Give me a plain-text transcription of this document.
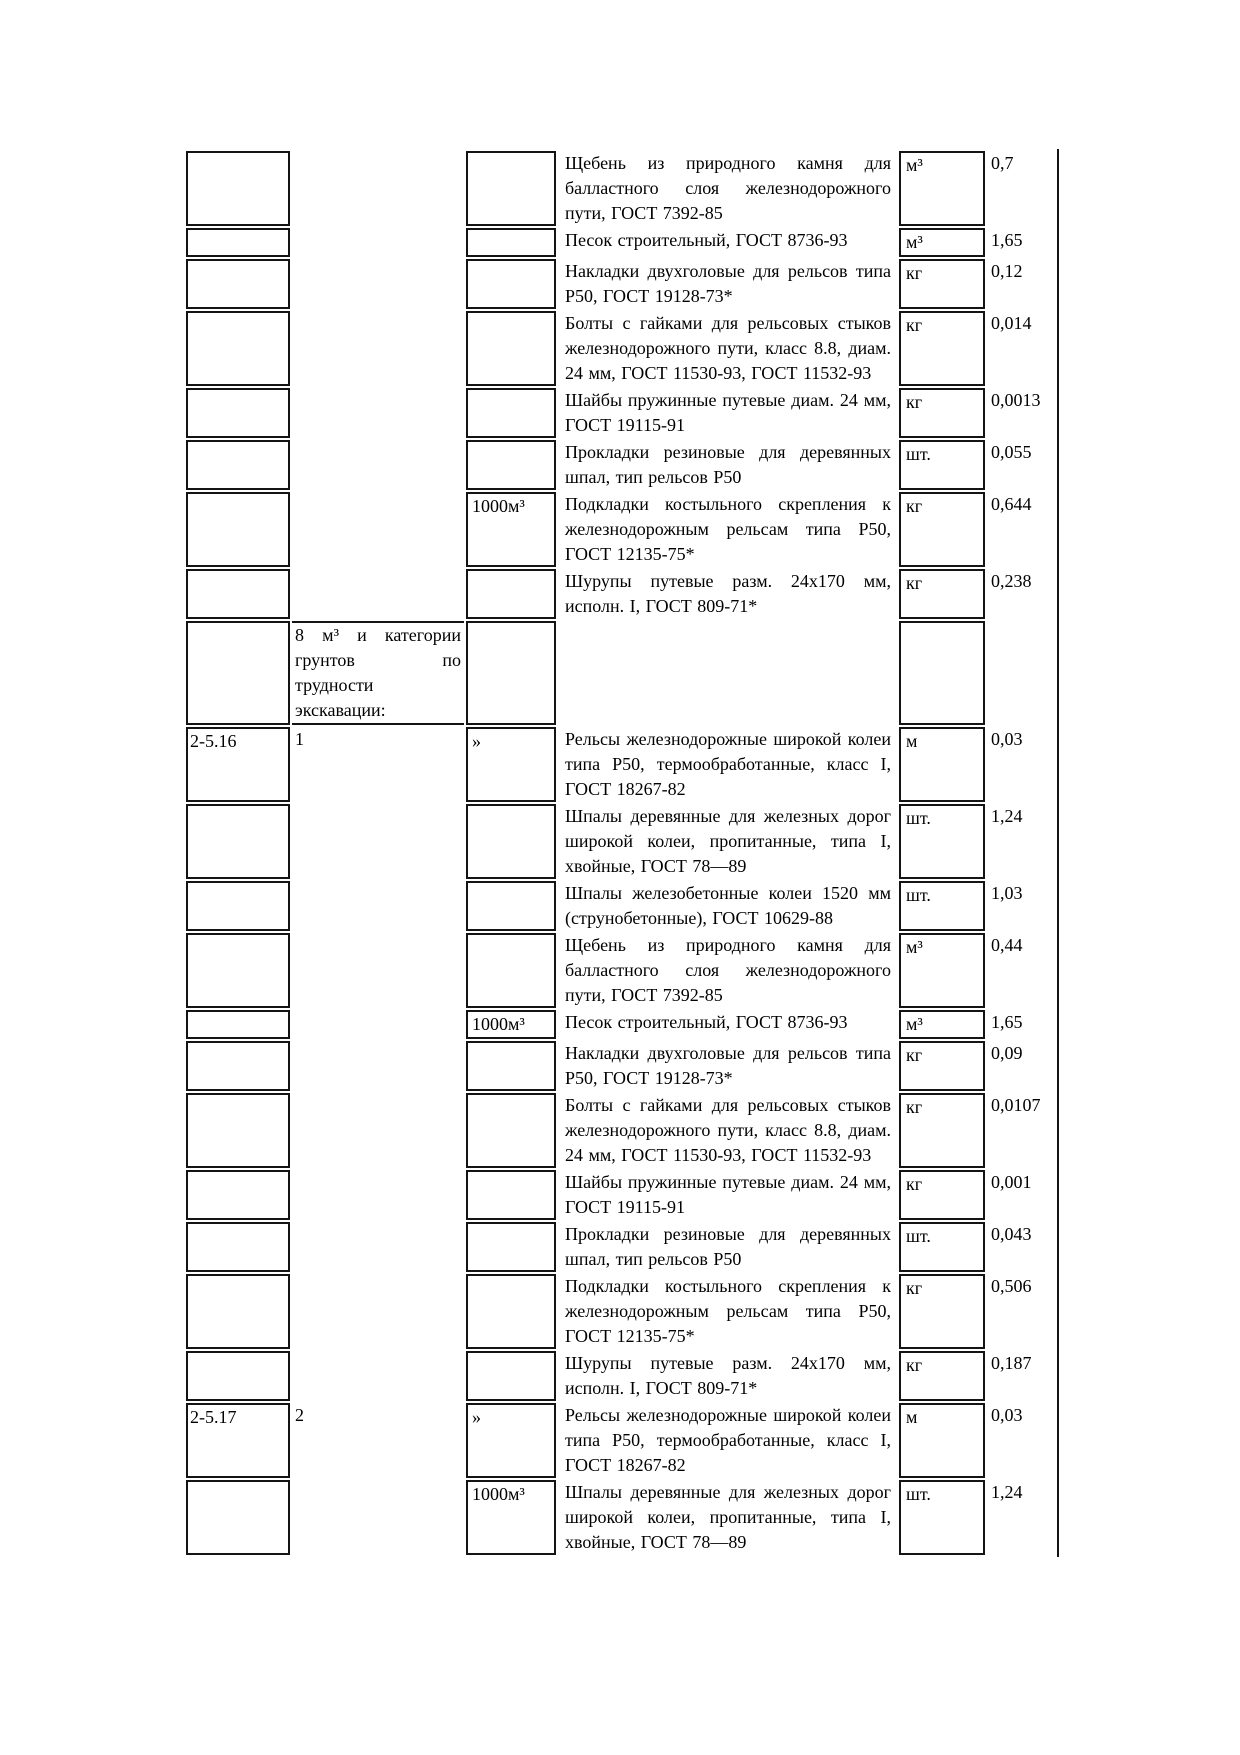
			Щебень из природного камня для балластного слоя железнодорожного пути, ГОСТ 7392-85	м³	0,7
			Песок строительный, ГОСТ 8736-93	м³	1,65
			Накладки двухголовые для рельсов типа Р50, ГОСТ 19128-73*	кг	0,12
			Болты с гайками для рельсовых стыков железнодорожного пути, класс 8.8, диам. 24 мм, ГОСТ 11530-93, ГОСТ 11532-93	кг	0,014
			Шайбы пружинные путевые диам. 24 мм, ГОСТ 19115-91	кг	0,0013
			Прокладки резиновые для деревянных шпал, тип рельсов Р50	шт.	0,055
		1000м³	Подкладки костыльного скрепления к железнодорожным рельсам типа Р50, ГОСТ 12135-75*	кг	0,644
			Шурупы путевые разм. 24х170 мм, исполн. I, ГОСТ 809-71*	кг	0,238
	8 м³ и категории грунтов по трудности экскавации:				
2-5.16	1	»	Рельсы железнодорожные широкой колеи типа Р50, термообработанные, класс I, ГОСТ 18267-82	м	0,03
			Шпалы деревянные для железных дорог широкой колеи, пропитанные, типа I, хвойные, ГОСТ 78—89	шт.	1,24
			Шпалы железобетонные колеи 1520 мм (струнобетонные), ГОСТ 10629-88	шт.	1,03
			Щебень из природного камня для балластного слоя железнодорожного пути, ГОСТ 7392-85	м³	0,44
		1000м³	Песок строительный, ГОСТ 8736-93	м³	1,65
			Накладки двухголовые для рельсов типа Р50, ГОСТ 19128-73*	кг	0,09
			Болты с гайками для рельсовых стыков железнодорожного пути, класс 8.8, диам. 24 мм, ГОСТ 11530-93, ГОСТ 11532-93	кг	0,0107
			Шайбы пружинные путевые диам. 24 мм, ГОСТ 19115-91	кг	0,001
			Прокладки резиновые для деревянных шпал, тип рельсов Р50	шт.	0,043
			Подкладки костыльного скрепления к железнодорожным рельсам типа Р50, ГОСТ 12135-75*	кг	0,506
			Шурупы путевые разм. 24х170 мм, исполн. I, ГОСТ 809-71*	кг	0,187
2-5.17	2	»	Рельсы железнодорожные широкой колеи типа Р50, термообработанные, класс I, ГОСТ 18267-82	м	0,03
		1000м³	Шпалы деревянные для железных дорог широкой колеи, пропитанные, типа I, хвойные, ГОСТ 78—89	шт.	1,24
